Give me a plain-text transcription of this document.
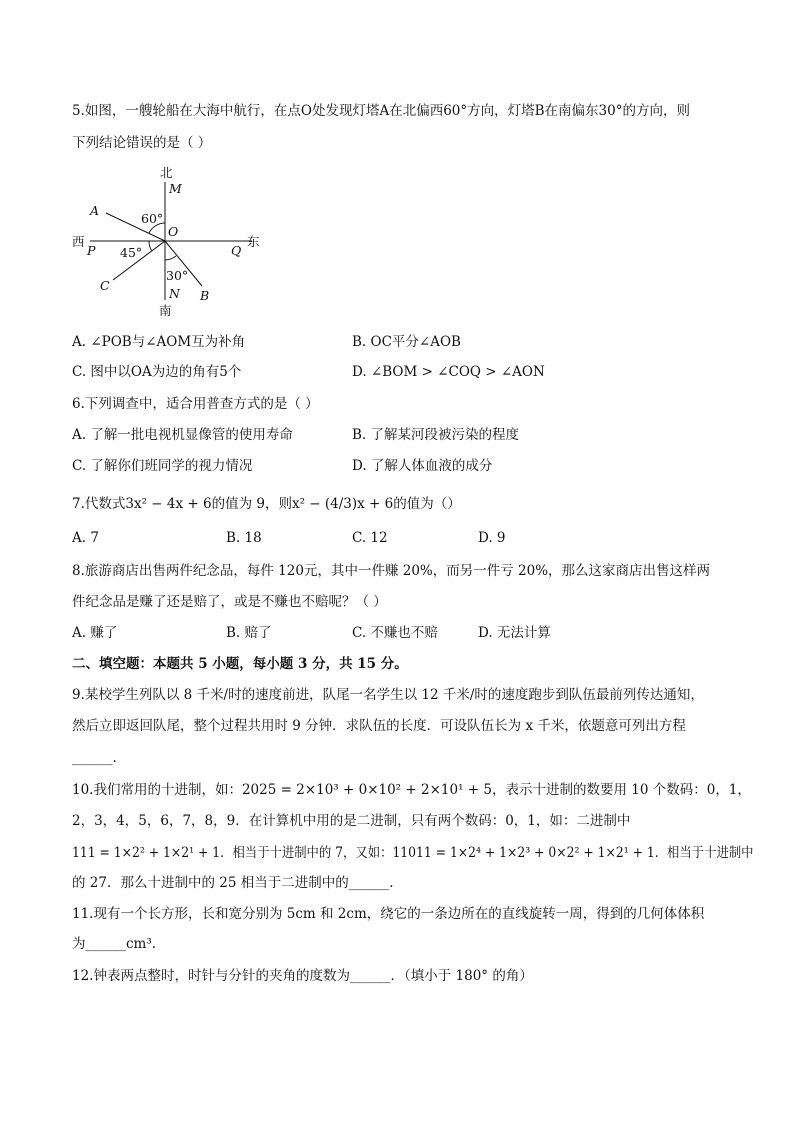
5.如图，一艘轮船在大海中航行，在点O处发现灯塔A在北偏西60°方向，灯塔B在南偏东30°的方向，则
下列结论错误的是（ ）
北
M
A
60°
O
西
P 45°	Q
东
30°
C
N B
南
A. ∠POB与∠AOM互为补角	B. OC平分∠AOB
C. 图中以OA为边的角有5个	D. ∠BOM > ∠COQ > ∠AON
6.下列调查中，适合用普查方式的是（ ）
A. 了解一批电视机显像管的使用寿命	B. 了解某河段被污染的程度
C. 了解你们班同学的视力情况	D. 了解人体血液的成分
7.代数式3x² − 4x + 6的值为 9，则x² − (4/3)x + 6的值为（）
A. 7	B. 18	C. 12	D. 9
8.旅游商店出售两件纪念品，每件 120元，其中一件赚 20%，而另一件亏 20%，那么这家商店出售这样两
件纪念品是赚了还是赔了，或是不赚也不赔呢？（ ）
A. 赚了	B. 赔了	C. 不赚也不赔	D. 无法计算
二、填空题：本题共 5 小题，每小题 3 分，共 15 分。
9.某校学生列队以 8 千米/时的速度前进，队尾一名学生以 12 千米/时的速度跑步到队伍最前列传达通知，
然后立即返回队尾，整个过程共用时 9 分钟．求队伍的长度．可设队伍长为 x 千米，依题意可列出方程
______.
10.我们常用的十进制，如：2025 = 2×10³ + 0×10² + 2×10¹ + 5，表示十进制的数要用 10 个数码：0，1，
2，3，4，5，6，7，8，9．在计算机中用的是二进制，只有两个数码：0，1，如：二进制中
111 = 1×2² + 1×2¹ + 1．相当于十进制中的 7，又如：11011 = 1×2⁴ + 1×2³ + 0×2² + 1×2¹ + 1．相当于十进制中
的 27．那么十进制中的 25 相当于二进制中的______.
11.现有一个长方形，长和宽分别为 5cm 和 2cm，绕它的一条边所在的直线旋转一周，得到的几何体体积
为______cm³.
12.钟表两点整时，时针与分针的夹角的度数为______．（填小于 180° 的角）
